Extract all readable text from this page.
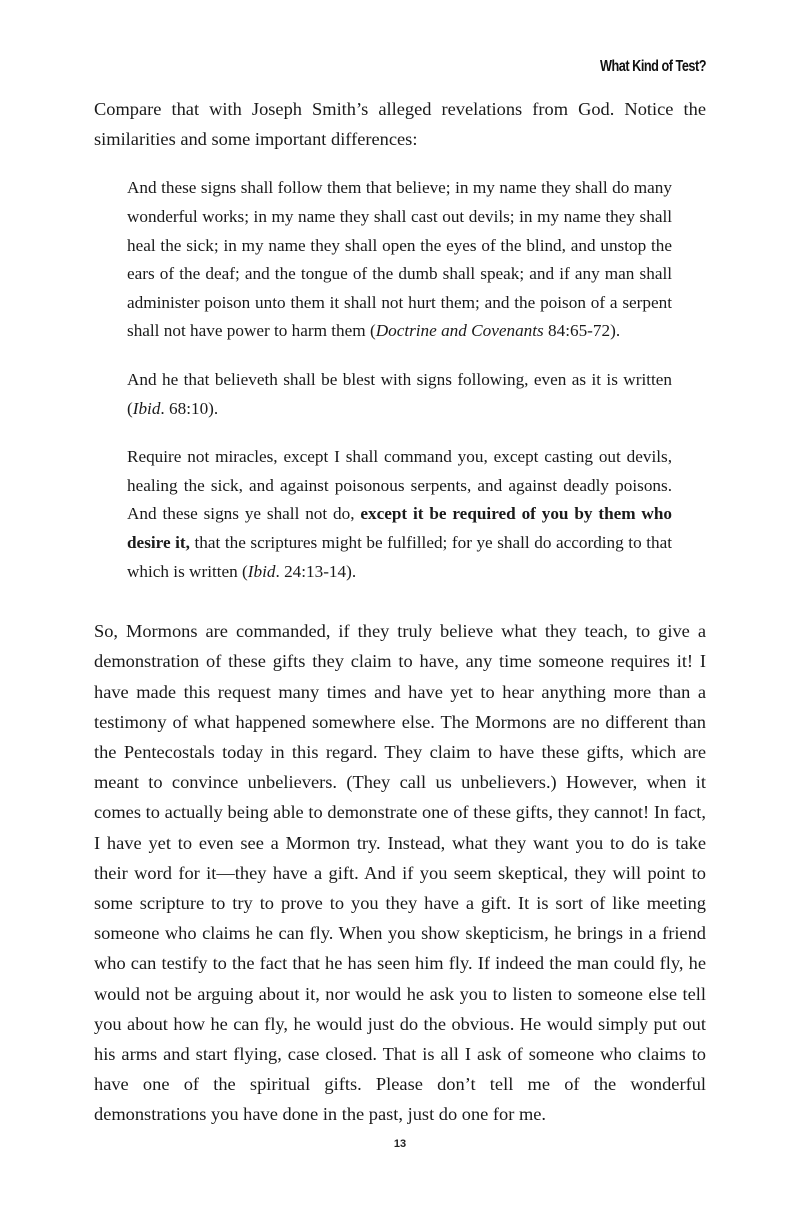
What Kind of Test?

Compare that with Joseph Smith’s alleged revelations from God. Notice the similarities and some important differences:

And these signs shall follow them that believe; in my name they shall do many wonderful works; in my name they shall cast out devils; in my name they shall heal the sick; in my name they shall open the eyes of the blind, and unstop the ears of the deaf; and the tongue of the dumb shall speak; and if any man shall administer poison unto them it shall not hurt them; and the poison of a serpent shall not have power to harm them (Doctrine and Covenants 84:65-72).

And he that believeth shall be blest with signs following, even as it is written (Ibid. 68:10).

Require not miracles, except I shall command you, except casting out devils, healing the sick, and against poisonous serpents, and against deadly poisons. And these signs ye shall not do, except it be required of you by them who desire it, that the scriptures might be fulfilled; for ye shall do according to that which is written (Ibid. 24:13-14).

So, Mormons are commanded, if they truly believe what they teach, to give a demonstration of these gifts they claim to have, any time someone requires it! I have made this request many times and have yet to hear anything more than a testimony of what happened somewhere else. The Mormons are no different than the Pentecostals today in this regard. They claim to have these gifts, which are meant to convince unbelievers. (They call us unbelievers.) However, when it comes to actually being able to demonstrate one of these gifts, they cannot! In fact, I have yet to even see a Mormon try. Instead, what they want you to do is take their word for it—they have a gift. And if you seem skeptical, they will point to some scripture to try to prove to you they have a gift. It is sort of like meeting someone who claims he can fly. When you show skepticism, he brings in a friend who can testify to the fact that he has seen him fly. If indeed the man could fly, he would not be arguing about it, nor would he ask you to listen to someone else tell you about how he can fly, he would just do the obvious. He would simply put out his arms and start flying, case closed. That is all I ask of someone who claims to have one of the spiritual gifts. Please don’t tell me of the wonderful demonstrations you have done in the past, just do one for me.

13
